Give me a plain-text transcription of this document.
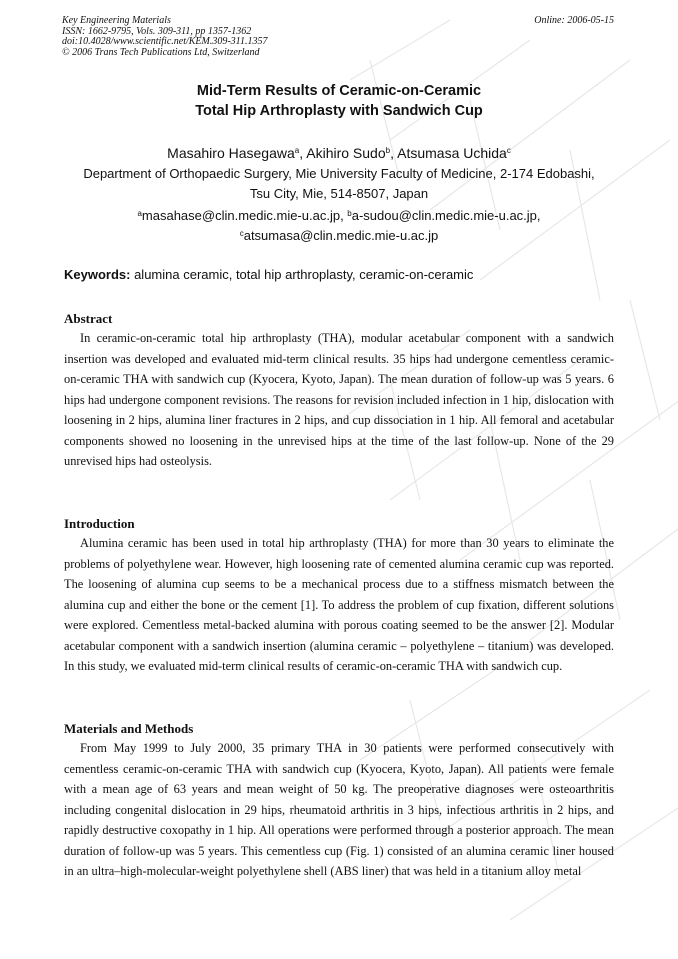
Key Engineering Materials
ISSN: 1662-9795, Vols. 309-311, pp 1357-1362
doi:10.4028/www.scientific.net/KEM.309-311.1357
© 2006 Trans Tech Publications Ltd, Switzerland
Online: 2006-05-15
Mid-Term Results of Ceramic-on-Ceramic
Total Hip Arthroplasty with Sandwich Cup
Masahiro Hasegawa$^a$, Akihiro Sudo$^b$, Atsumasa Uchida$^c$
Department of Orthopaedic Surgery, Mie University Faculty of Medicine, 2-174 Edobashi,
Tsu City, Mie, 514-8507, Japan
$^a$masahase@clin.medic.mie-u.ac.jp, $^b$a-sudou@clin.medic.mie-u.ac.jp,
$^c$atsumasa@clin.medic.mie-u.ac.jp
Keywords: alumina ceramic, total hip arthroplasty, ceramic-on-ceramic
Abstract
In ceramic-on-ceramic total hip arthroplasty (THA), modular acetabular component with a sandwich insertion was developed and evaluated mid-term clinical results. 35 hips had undergone cementless ceramic-on-ceramic THA with sandwich cup (Kyocera, Kyoto, Japan). The mean duration of follow-up was 5 years. 6 hips had undergone component revisions. The reasons for revision included infection in 1 hip, dislocation with loosening in 2 hips, alumina liner fractures in 2 hips, and cup dissociation in 1 hip. All femoral and acetabular components showed no loosening in the unrevised hips at the time of the last follow-up. None of the 29 unrevised hips had osteolysis.
Introduction
Alumina ceramic has been used in total hip arthroplasty (THA) for more than 30 years to eliminate the problems of polyethylene wear. However, high loosening rate of cemented alumina ceramic cup was reported. The loosening of alumina cup seems to be a mechanical process due to a stiffness mismatch between the alumina cup and either the bone or the cement [1]. To address the problem of cup fixation, different solutions were explored. Cementless metal-backed alumina with porous coating seemed to be the answer [2]. Modular acetabular component with a sandwich insertion (alumina ceramic – polyethylene – titanium) was developed. In this study, we evaluated mid-term clinical results of ceramic-on-ceramic THA with sandwich cup.
Materials and Methods
From May 1999 to July 2000, 35 primary THA in 30 patients were performed consecutively with cementless ceramic-on-ceramic THA with sandwich cup (Kyocera, Kyoto, Japan). All patients were female with a mean age of 63 years and mean weight of 50 kg. The preoperative diagnoses were osteoarthritis including congenital dislocation in 29 hips, rheumatoid arthritis in 3 hips, infectious arthritis in 2 hips, and rapidly destructive coxopathy in 1 hip. All operations were performed through a posterior approach. The mean duration of follow-up was 5 years. This cementless cup (Fig. 1) consisted of an alumina ceramic liner housed in an ultra–high-molecular-weight polyethylene shell (ABS liner) that was held in a titanium alloy metal
